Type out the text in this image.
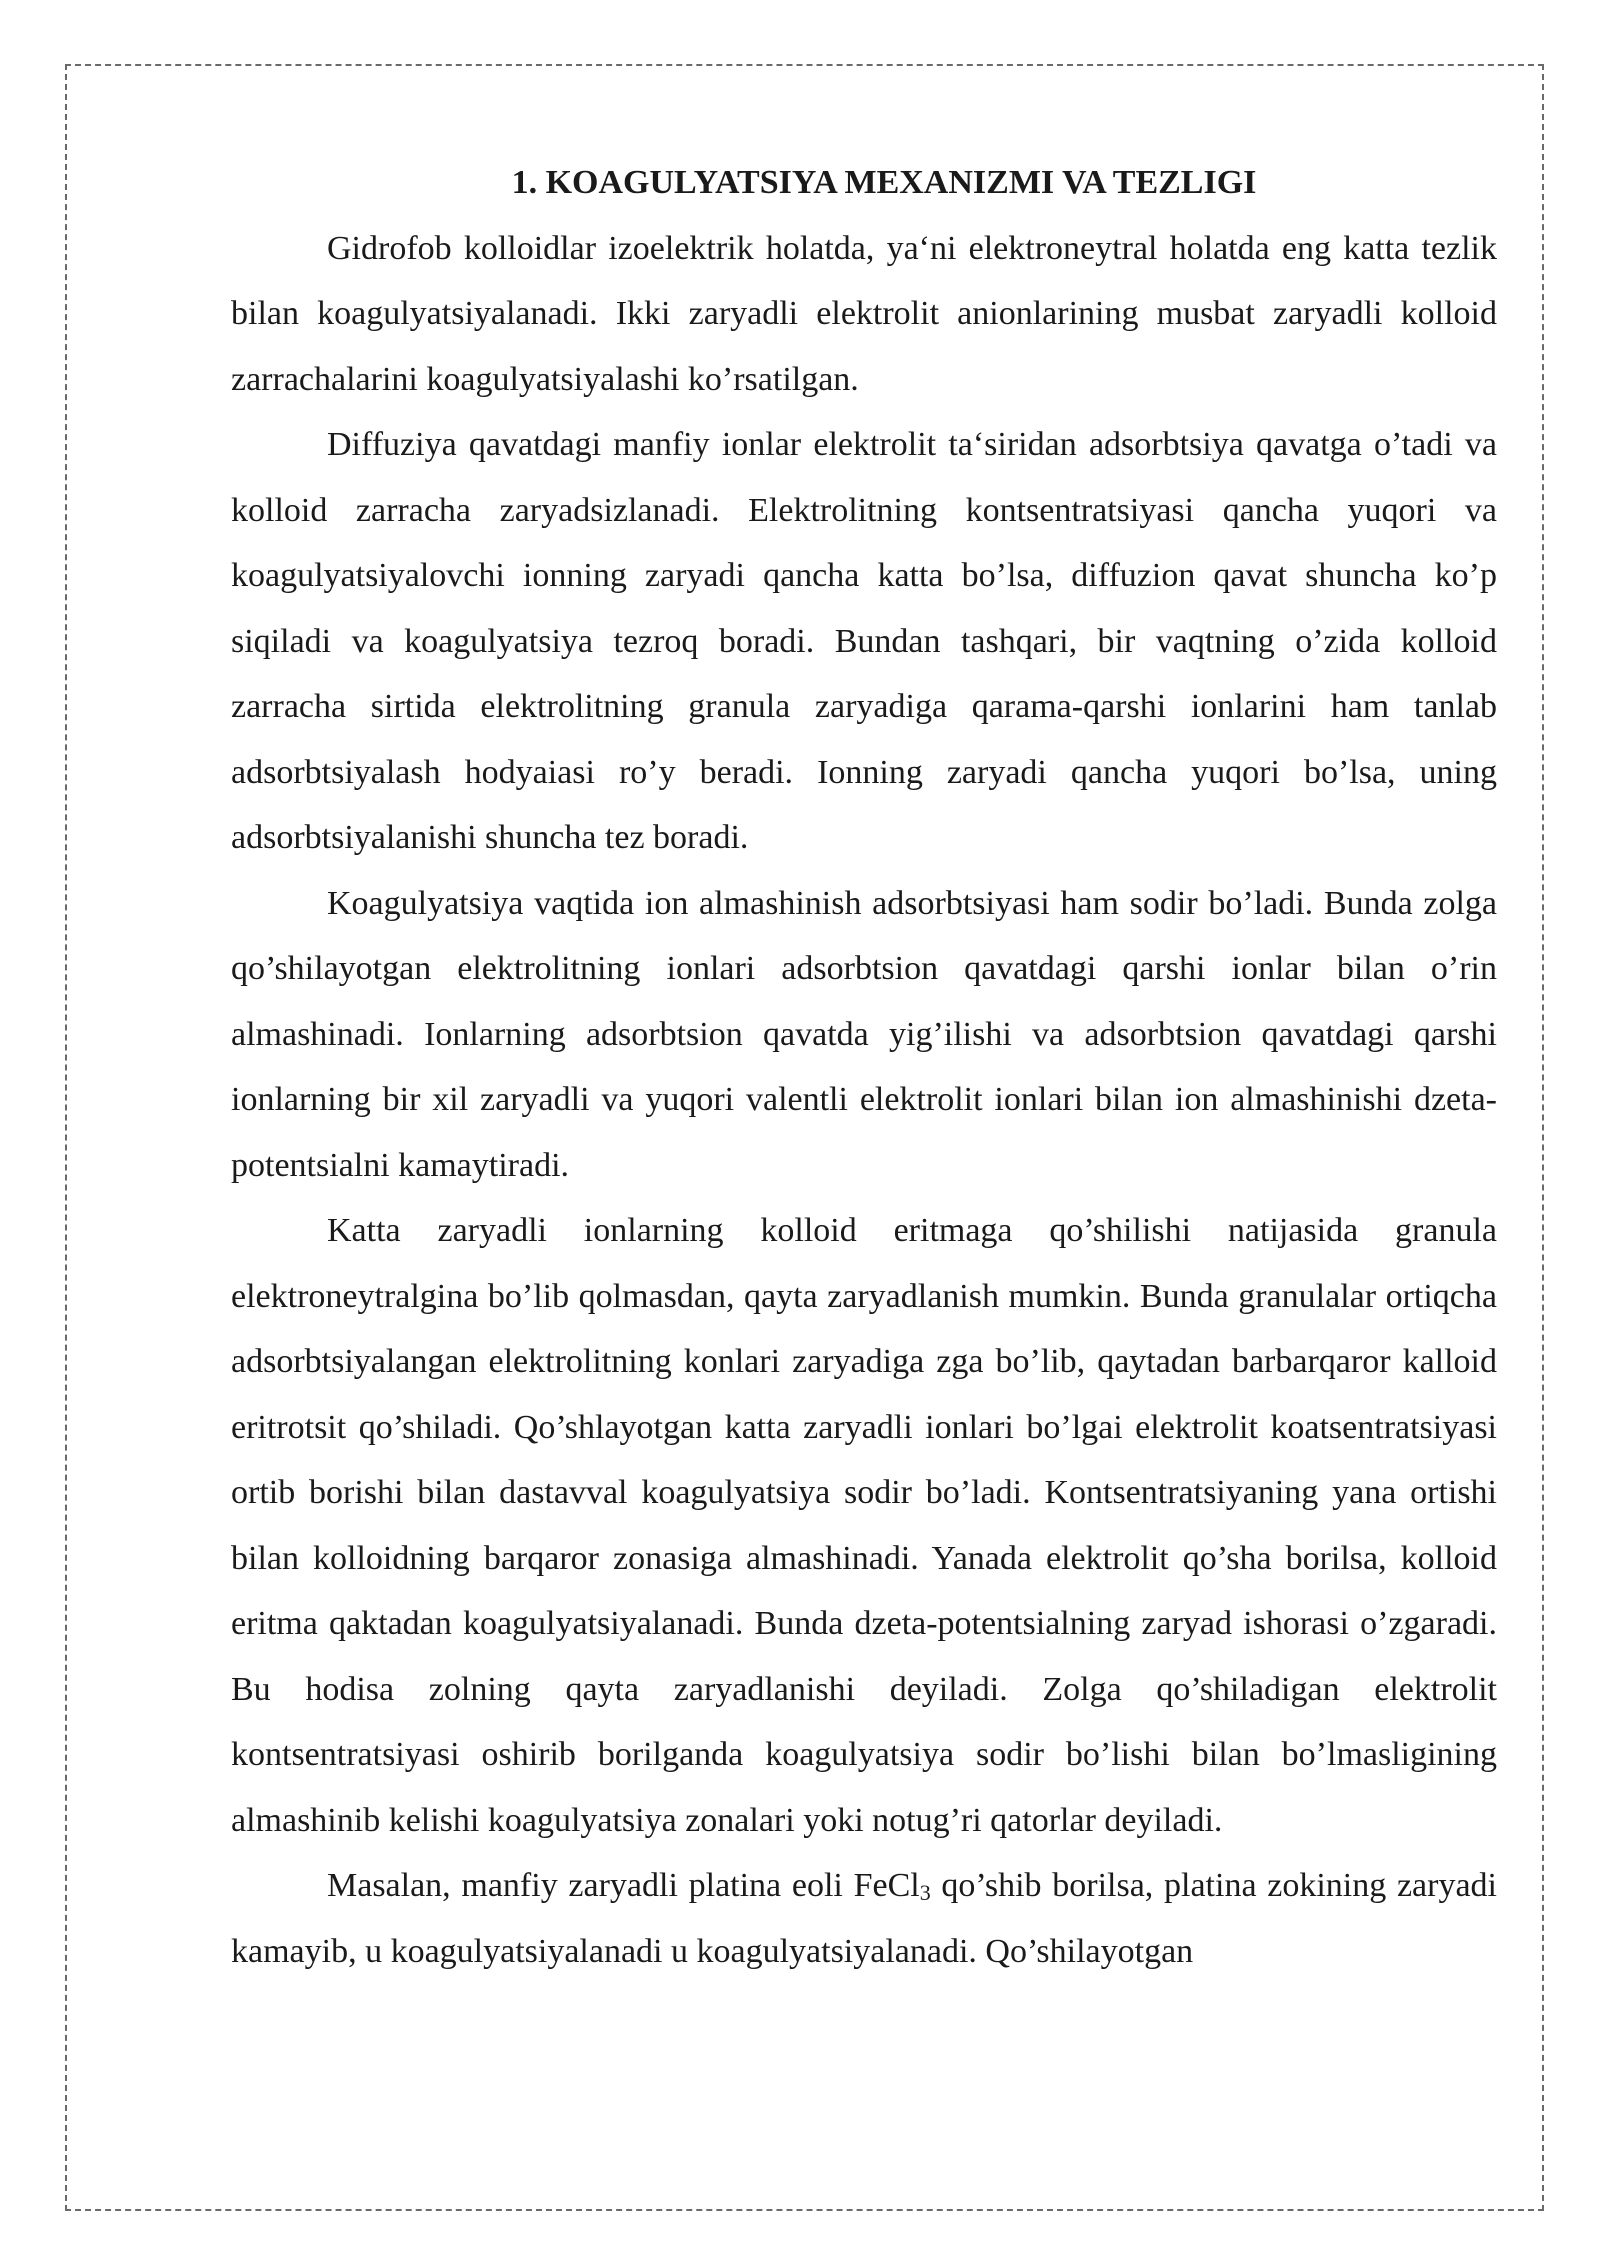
1. KOAGULYATSIYA MEXANIZMI VA TEZLIGI

Gidrofob kolloidlar izoelektrik holatda, ya‘ni elektroneytral holatda eng katta tezlik bilan koagulyatsiyalanadi. Ikki zaryadli elektrolit anionlarining musbat zaryadli kolloid zarrachalarini koagulyatsiyalashi ko’rsatilgan.

Diffuziya qavatdagi manfiy ionlar elektrolit ta‘siridan adsorbtsiya qavatga o’tadi va kolloid zarracha zaryadsizlanadi. Elektrolitning kontsentratsiyasi qancha yuqori va koagulyatsiyalovchi ionning zaryadi qancha katta bo’lsa, diffuzion qavat shuncha ko’p siqiladi va koagulyatsiya tezroq boradi. Bundan tashqari, bir vaqtning o’zida kolloid zarracha sirtida elektrolitning granula zaryadiga qarama-qarshi ionlarini ham tanlab adsorbtsiyalash hodyaiasi ro’y beradi. Ionning zaryadi qancha yuqori bo’lsa, uning adsorbtsiyalanishi shuncha tez boradi.

Koagulyatsiya vaqtida ion almashinish adsorbtsiyasi ham sodir bo’ladi. Bunda zolga qo’shilayotgan elektrolitning ionlari adsorbtsion qavatdagi qarshi ionlar bilan o’rin almashinadi. Ionlarning adsorbtsion qavatda yig’ilishi va adsorbtsion qavatdagi qarshi ionlarning bir xil zaryadli va yuqori valentli elektrolit ionlari bilan ion almashinishi dzeta-potentsialni kamaytiradi.

Katta zaryadli ionlarning kolloid eritmaga qo’shilishi natijasida granula elektroneytralgina bo’lib qolmasdan, qayta zaryadlanish mumkin. Bunda granulalar ortiqcha adsorbtsiyalangan elektrolitning konlari zaryadiga zga bo’lib, qaytadan barbarqaror kalloid eritrotsit qo’shiladi. Qo’shlayotgan katta zaryadli ionlari bo’lgai elektrolit koatsentratsiyasi ortib borishi bilan dastavval koagulyatsiya sodir bo’ladi. Kontsentratsiyaning yana ortishi bilan kolloidning barqaror zonasiga almashinadi. Yanada elektrolit qo’sha borilsa, kolloid eritma qaktadan koagulyatsiyalanadi. Bunda dzeta-potentsialning zaryad ishorasi o’zgaradi. Bu hodisa zolning qayta zaryadlanishi deyiladi. Zolga qo’shiladigan elektrolit kontsentratsiyasi oshirib borilganda koagulyatsiya sodir bo’lishi bilan bo’lmasligining almashinib kelishi koagulyatsiya zonalari yoki notug’ri qatorlar deyiladi.

Masalan, manfiy zaryadli platina eoli FeCl$_3$ qo’shib borilsa, platina zokining zaryadi kamayib, u koagulyatsiyalanadi u koagulyatsiyalanadi. Qo’shilayotgan
